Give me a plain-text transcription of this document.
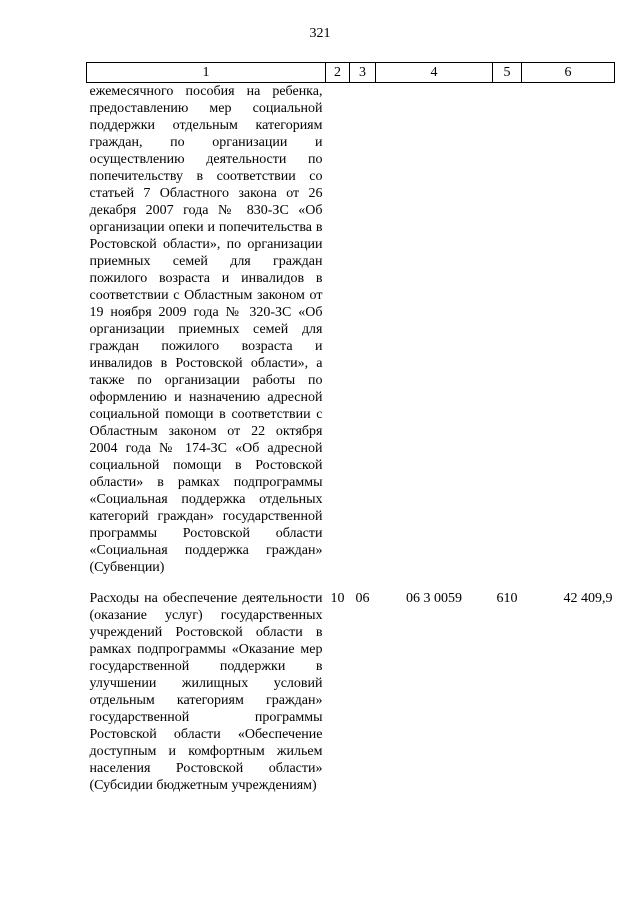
321
1	2	3	4	5	6
ежемесячного пособия на ребенка, предоставлению мер социальной поддержки отдельным категориям граждан, по организации и осуществлению деятельности по попечительству в соответствии со статьей 7 Областного закона от 26 декабря 2007 года № 830-ЗС «Об организации опеки и попечительства в Ростовской области», по организации приемных семей для граждан пожилого возраста и инвалидов в соответствии с Областным законом от 19 ноября 2009 года № 320-ЗС «Об организации приемных семей для граждан пожилого возраста и инвалидов в Ростовской области», а также по организации работы по оформлению и назначению адресной социальной помощи в соответствии с Областным законом от 22 октября 2004 года № 174-ЗС «Об адресной социальной помощи в Ростовской области» в рамках подпрограммы «Социальная поддержка отдельных категорий граждан» государственной программы Ростовской области «Социальная поддержка граждан» (Субвенции)					
Расходы на обеспечение деятельности (оказание услуг) государственных учреждений Ростовской области в рамках подпрограммы «Оказание мер государственной поддержки в улучшении жилищных условий отдельным категориям граждан» государственной программы Ростовской области «Обеспечение доступным и комфортным жильем населения Ростовской области» (Субсидии бюджетным учреждениям)	10	06	06 3 0059	610	42 409,9
